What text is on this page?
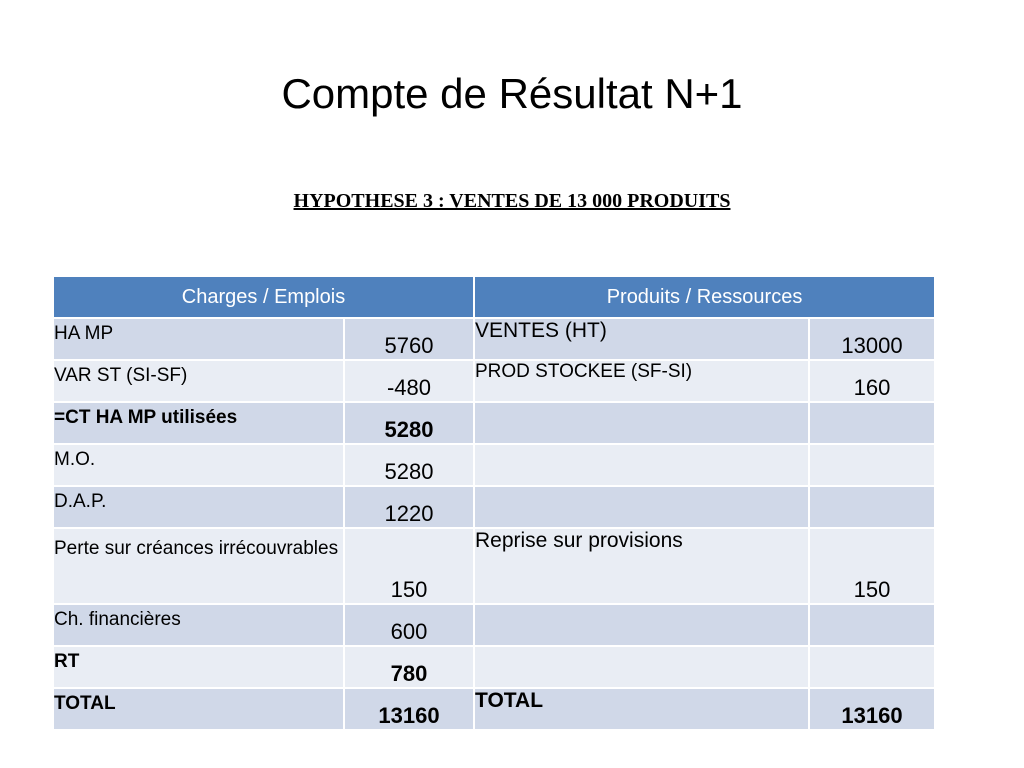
Compte de Résultat N+1
HYPOTHESE 3 : VENTES DE 13 000 PRODUITS
Charges / Emplois		Produits / Ressources	
HA MP	5760	VENTES (HT)	13000
VAR ST (SI-SF)	-480	PROD STOCKEE (SF-SI)	160
=CT HA MP utilisées	5280		
M.O.	5280		
D.A.P.	1220		
Perte sur créances irrécouvrables	150	Reprise sur provisions	150
Ch. financières	600		
RT	780		
TOTAL	13160	TOTAL	13160
